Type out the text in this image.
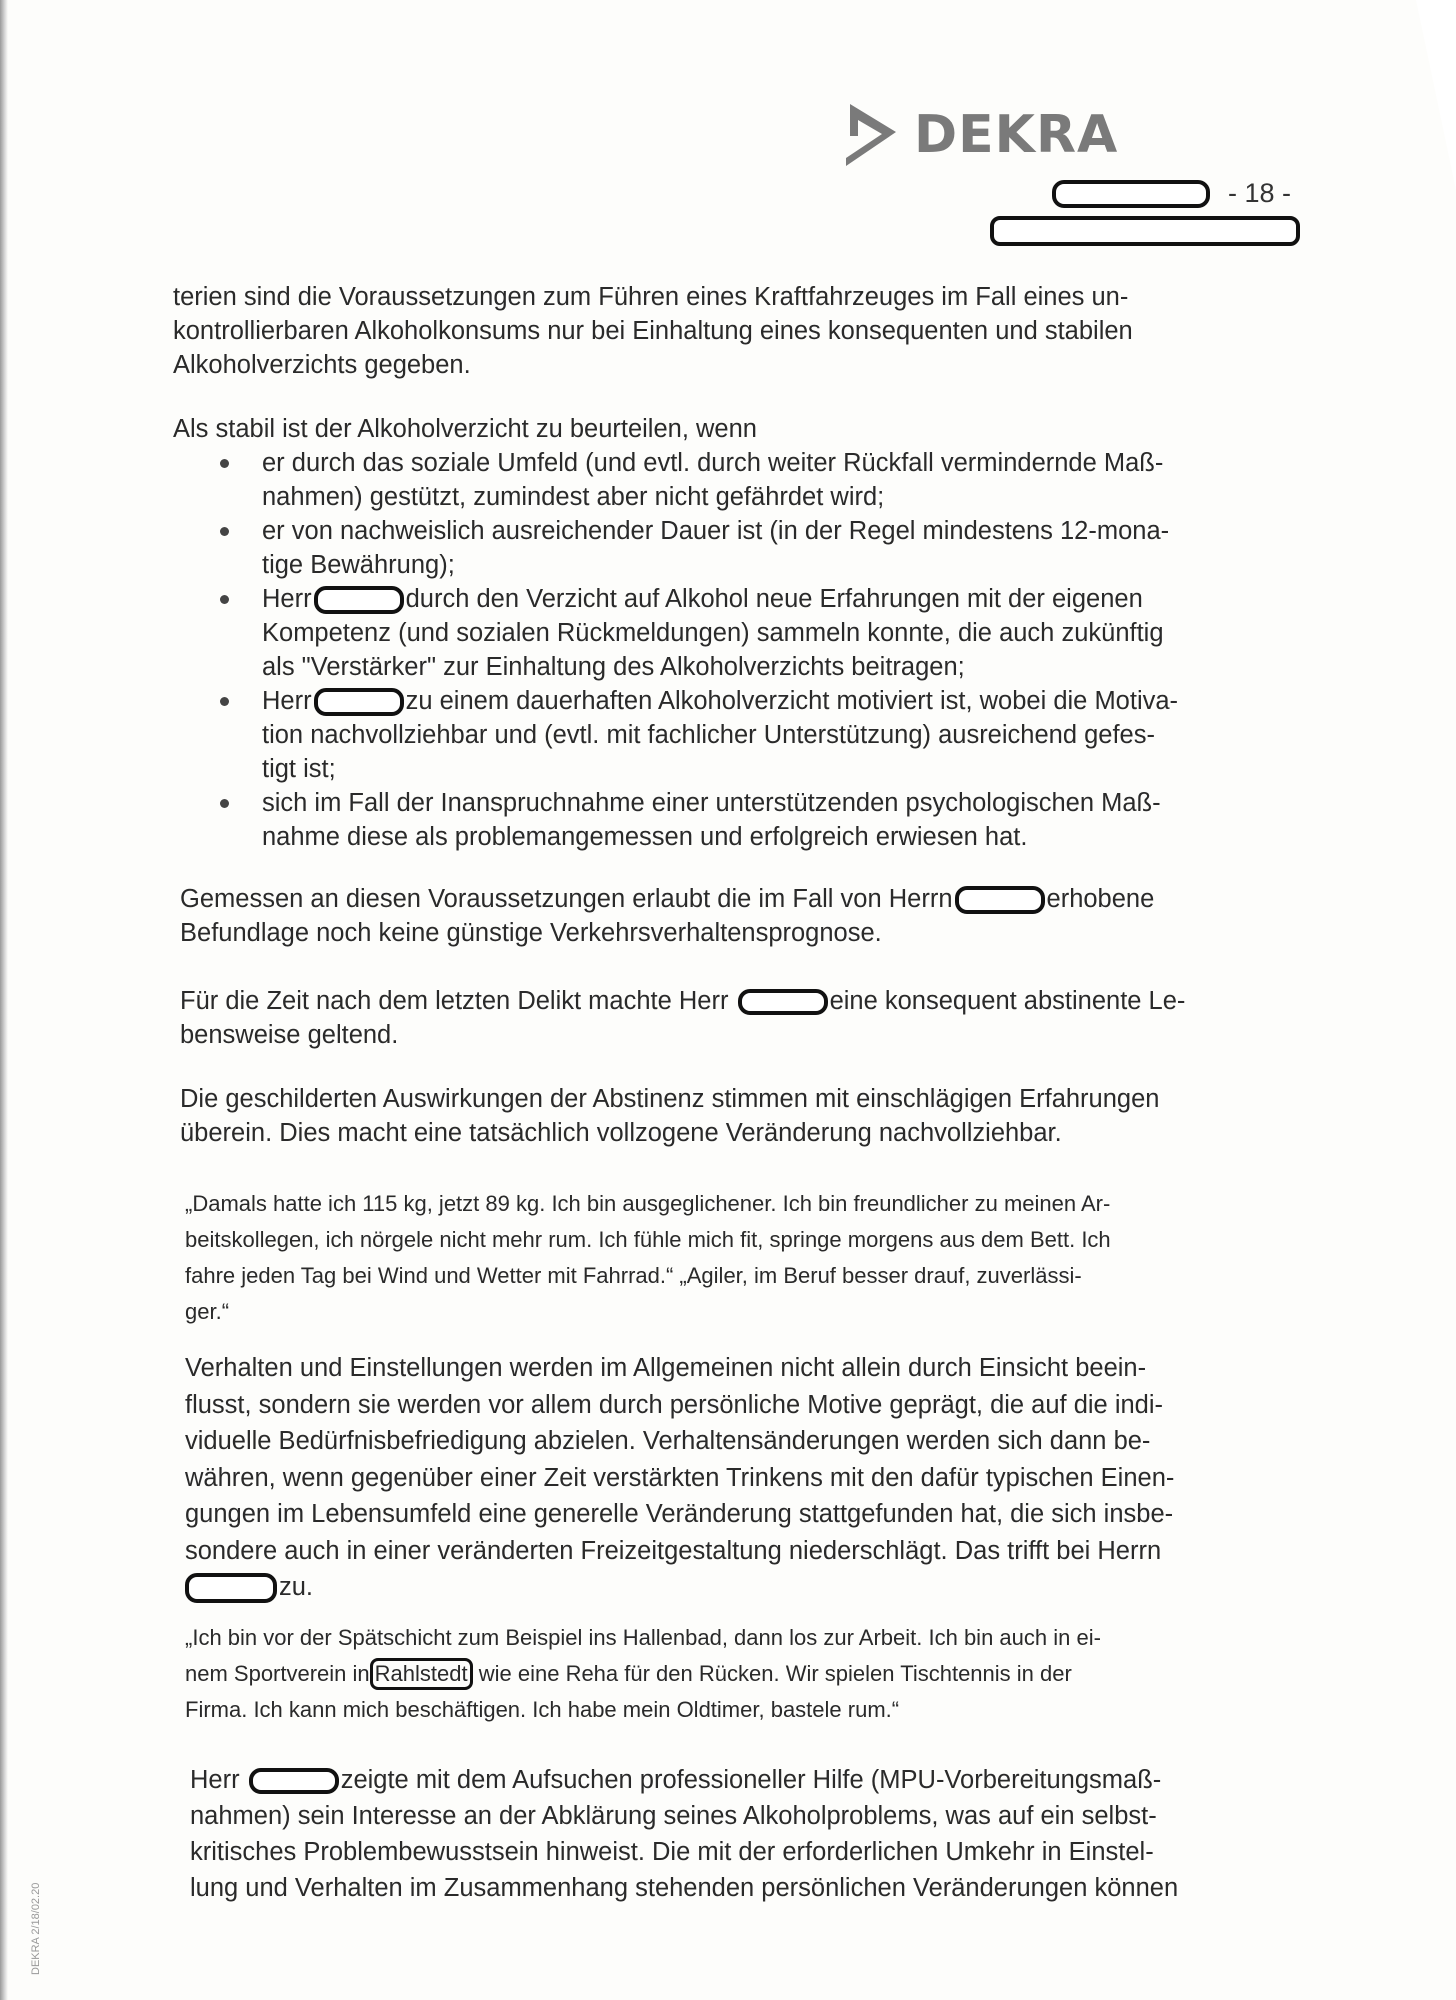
DEKRA
- 18 -
terien sind die Voraussetzungen zum Führen eines Kraftfahrzeuges im Fall eines un-
kontrollierbaren Alkoholkonsums nur bei Einhaltung eines konsequenten und stabilen
Alkoholverzichts gegeben.
Als stabil ist der Alkoholverzicht zu beurteilen, wenn
er durch das soziale Umfeld (und evtl. durch weiter Rückfall vermindernde Maß-
nahmen) gestützt, zumindest aber nicht gefährdet wird;
er von nachweislich ausreichender Dauer ist (in der Regel mindestens 12-mona-
tige Bewährung);
Herr	durch den Verzicht auf Alkohol neue Erfahrungen mit der eigenen
Kompetenz (und sozialen Rückmeldungen) sammeln konnte, die auch zukünftig
als "Verstärker" zur Einhaltung des Alkoholverzichts beitragen;
Herr	zu einem dauerhaften Alkoholverzicht motiviert ist, wobei die Motiva-
tion nachvollziehbar und (evtl. mit fachlicher Unterstützung) ausreichend gefes-
tigt ist;
sich im Fall der Inanspruchnahme einer unterstützenden psychologischen Maß-
nahme diese als problemangemessen und erfolgreich erwiesen hat.
Gemessen an diesen Voraussetzungen erlaubt die im Fall von Herrn	erhobene
Befundlage noch keine günstige Verkehrsverhaltensprognose.
Für die Zeit nach dem letzten Delikt machte Herr	eine konsequent abstinente Le-
bensweise geltend.
Die geschilderten Auswirkungen der Abstinenz stimmen mit einschlägigen Erfahrungen
überein. Dies macht eine tatsächlich vollzogene Veränderung nachvollziehbar.
„Damals hatte ich 115 kg, jetzt 89 kg. Ich bin ausgeglichener. Ich bin freundlicher zu meinen Ar-
beitskollegen, ich nörgele nicht mehr rum. Ich fühle mich fit, springe morgens aus dem Bett. Ich
fahre jeden Tag bei Wind und Wetter mit Fahrrad.“ „Agiler, im Beruf besser drauf, zuverlässi-
ger.“
Verhalten und Einstellungen werden im Allgemeinen nicht allein durch Einsicht beein-
flusst, sondern sie werden vor allem durch persönliche Motive geprägt, die auf die indi-
viduelle Bedürfnisbefriedigung abzielen. Verhaltensänderungen werden sich dann be-
währen, wenn gegenüber einer Zeit verstärkten Trinkens mit den dafür typischen Einen-
gungen im Lebensumfeld eine generelle Veränderung stattgefunden hat, die sich insbe-
sondere auch in einer veränderten Freizeitgestaltung niederschlägt. Das trifft bei Herrn
zu.
„Ich bin vor der Spätschicht zum Beispiel ins Hallenbad, dann los zur Arbeit. Ich bin auch in ei-
nem Sportverein in Rahlstedt wie eine Reha für den Rücken. Wir spielen Tischtennis in der
Firma. Ich kann mich beschäftigen. Ich habe mein Oldtimer, bastele rum.“
Herr	zeigte mit dem Aufsuchen professioneller Hilfe (MPU-Vorbereitungsmaß-
nahmen) sein Interesse an der Abklärung seines Alkoholproblems, was auf ein selbst-
kritisches Problembewusstsein hinweist. Die mit der erforderlichen Umkehr in Einstel-
lung und Verhalten im Zusammenhang stehenden persönlichen Veränderungen können
DEKRA 2/18/02.20
